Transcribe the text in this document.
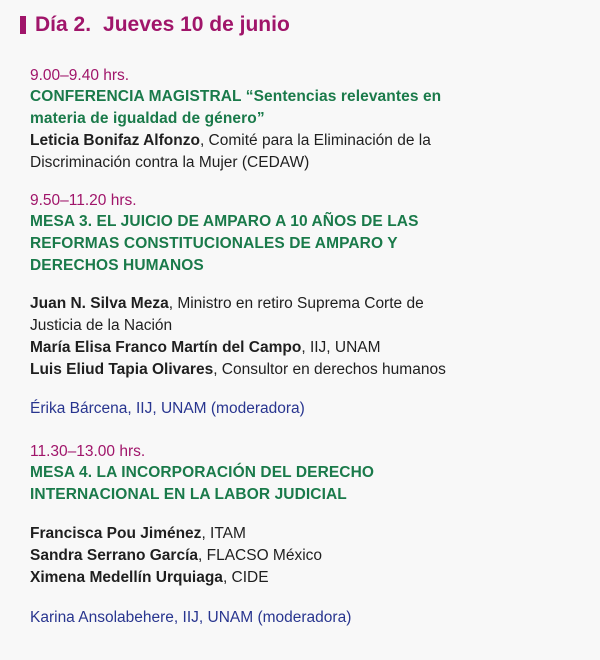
Día 2. Jueves 10 de junio
9.00–9.40 hrs.
CONFERENCIA MAGISTRAL “Sentencias relevantes en
materia de igualdad de género”
Leticia Bonifaz Alfonzo, Comité para la Eliminación de la
Discriminación contra la Mujer (CEDAW)
9.50–11.20 hrs.
MESA 3. EL JUICIO DE AMPARO A 10 AÑOS DE LAS
REFORMAS CONSTITUCIONALES DE AMPARO Y
DERECHOS HUMANOS
Juan N. Silva Meza, Ministro en retiro Suprema Corte de
Justicia de la Nación
María Elisa Franco Martín del Campo, IIJ, UNAM
Luis Eliud Tapia Olivares, Consultor en derechos humanos
Érika Bárcena, IIJ, UNAM (moderadora)
11.30–13.00 hrs.
MESA 4. LA INCORPORACIÓN DEL DERECHO
INTERNACIONAL EN LA LABOR JUDICIAL
Francisca Pou Jiménez, ITAM
Sandra Serrano García, FLACSO México
Ximena Medellín Urquiaga, CIDE
Karina Ansolabehere, IIJ, UNAM (moderadora)
